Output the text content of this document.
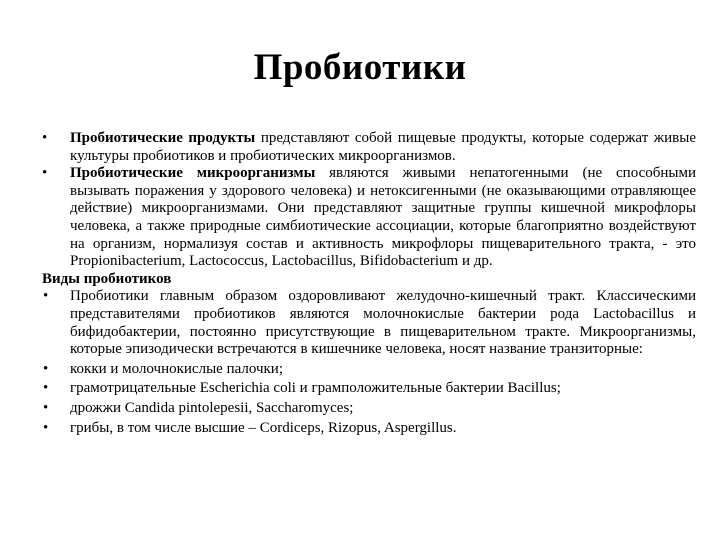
Пробиотики
•	Пробиотические продукты представляют собой пищевые продукты, которые содержат живые культуры пробиотиков и пробиотических микроорганизмов.
•	Пробиотические микроорганизмы являются живыми непатогенными (не способными вызывать поражения у здорового человека) и нетоксигенными (не оказывающими отравляющее действие) микроорганизмами. Они представляют защитные группы кишечной микрофлоры человека, а также природные симбиотические ассоциации, которые благоприятно воздействуют на организм, нормализуя состав и активность микрофлоры пищеварительного тракта, - это Propionibacterium, Lactococcus, Lactobacillus, Bifidobacterium и др.
Виды пробиотиков
•	Пробиотики главным образом оздоровливают желудочно-кишечный тракт. Классическими представителями пробиотиков являются молочнокислые бактерии рода Lactobacillus и бифидобактерии, постоянно присутствующие в пищеварительном тракте. Микроорганизмы, которые эпизодически встречаются в кишечнике человека, носят название транзиторные:
•	кокки и молочнокислые палочки;
•	грамотрицательные Escherichia coli и грамположительные бактерии Bacillus;
•	дрожжи Candida pintolepesii, Saccharomyces;
•	грибы, в том числе высшие – Cordiceps, Rizopus, Aspergillus.
